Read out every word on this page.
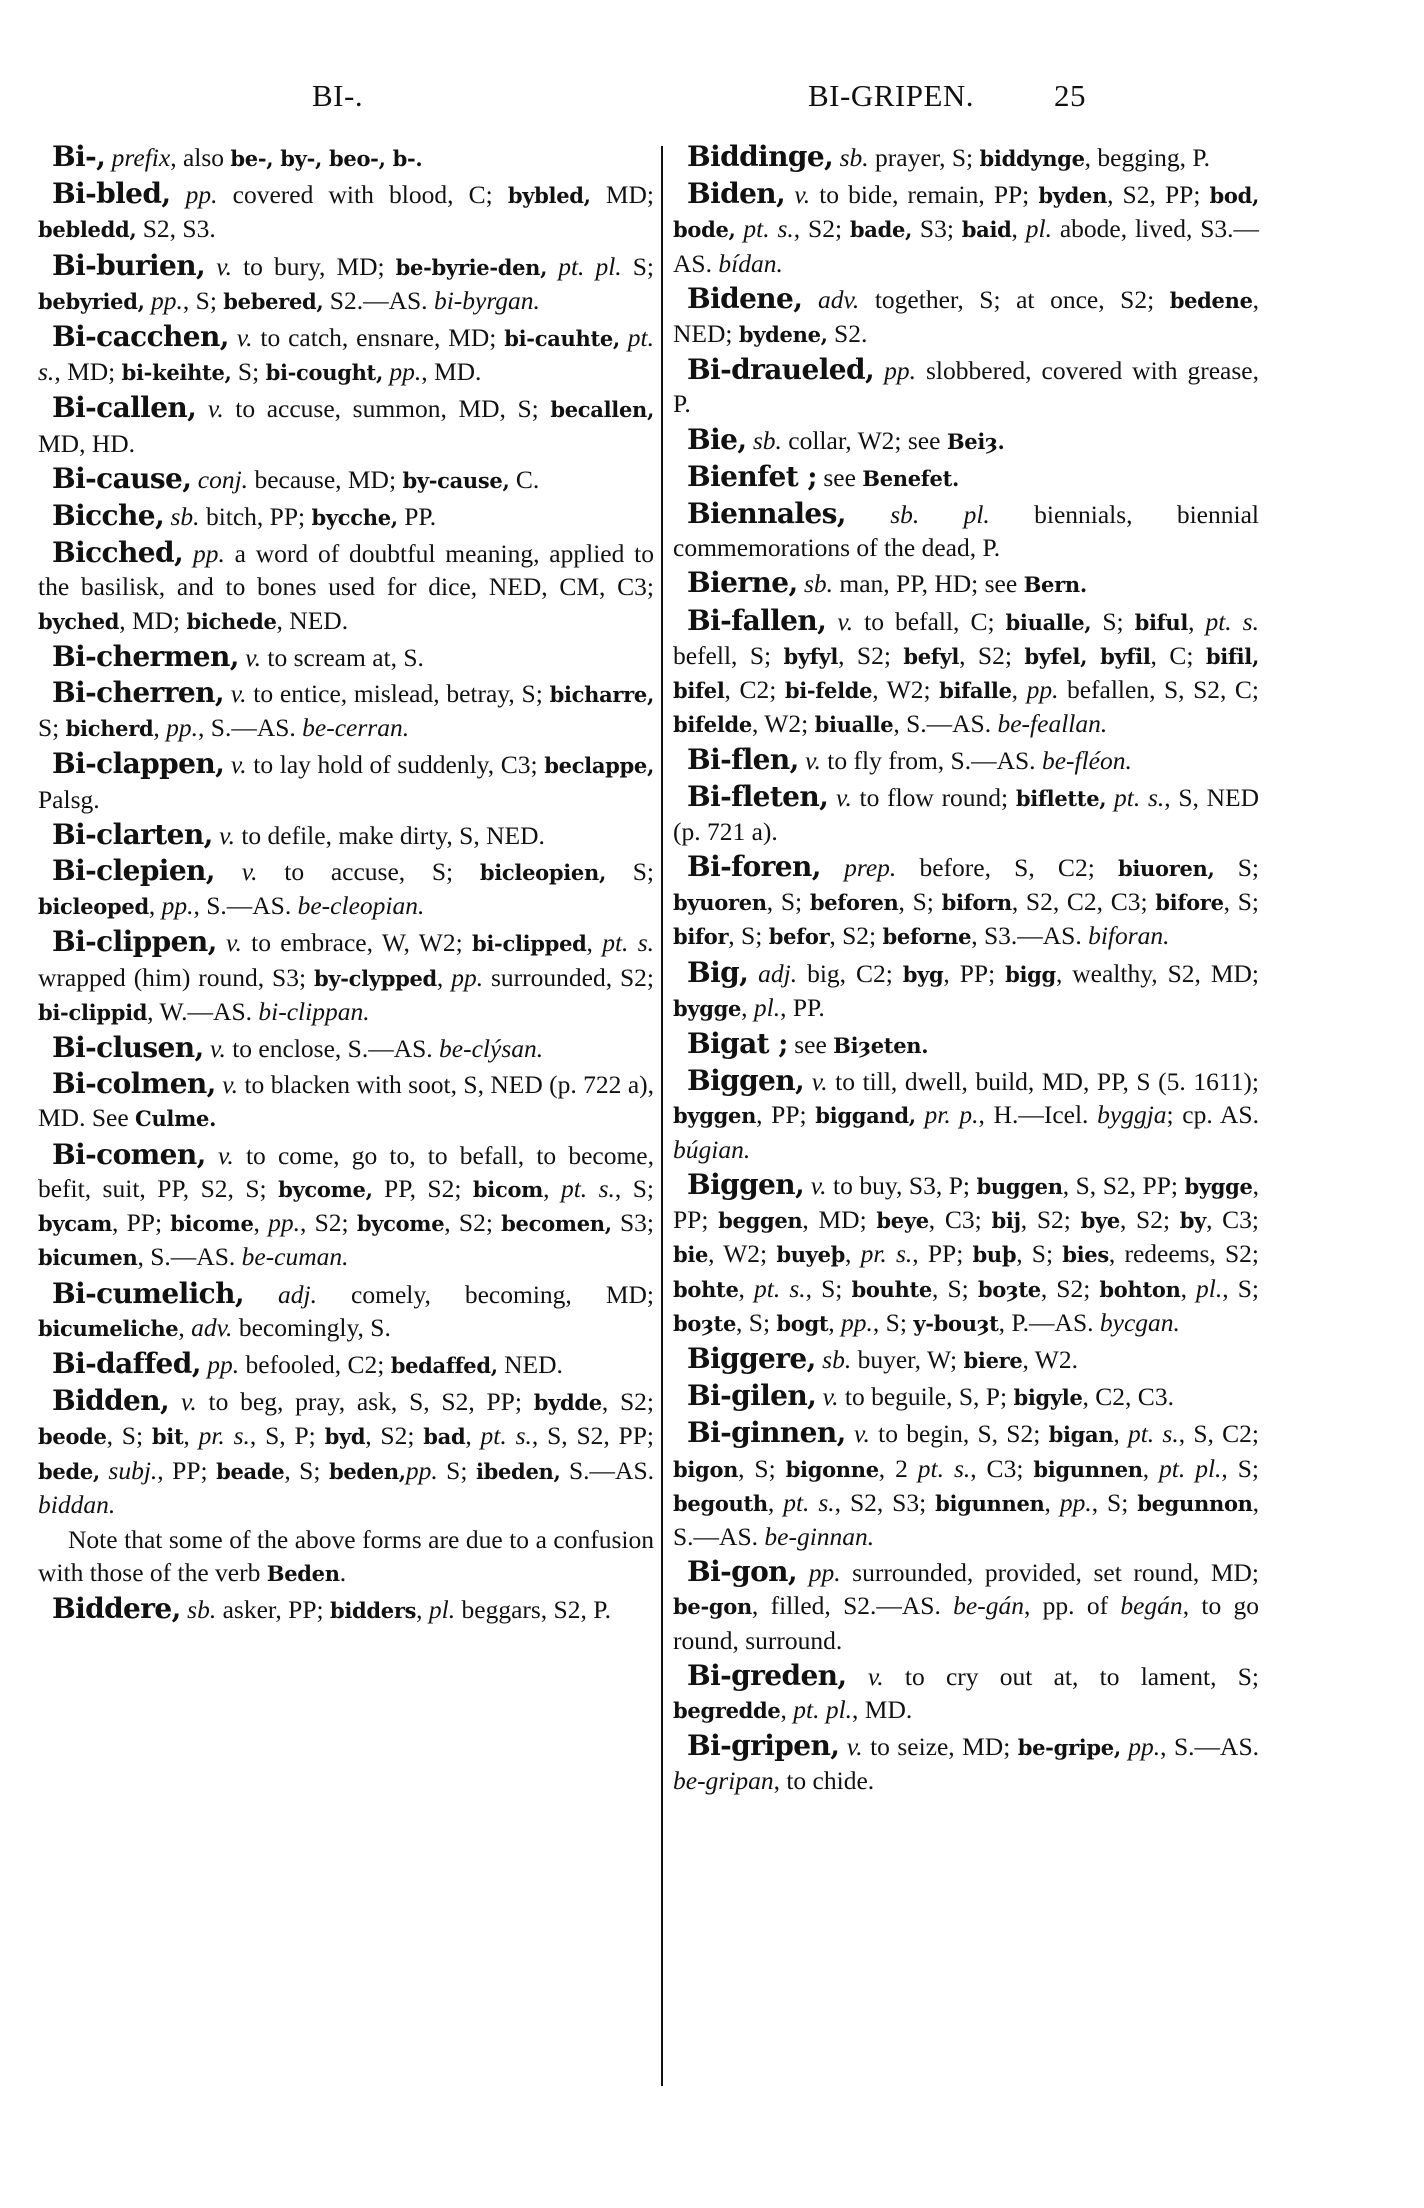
BI-.	BI-GRIPEN.	25

Bi-, prefix, also be-, by-, beo-, b-.

Bi-bled, pp. covered with blood, C; bybled, MD; bebledd, S2, S3.

Bi-burien, v. to bury, MD; be-byrie-den, pt. pl. S; bebyried, pp., S; bebered, S2.—AS. bi-byrgan.

Bi-cacchen, v. to catch, ensnare, MD; bi-cauhte, pt. s., MD; bi-keihte, S; bi-cought, pp., MD.

Bi-callen, v. to accuse, summon, MD, S; becallen, MD, HD.

Bi-cause, conj. because, MD; by-cause, C.

Bicche, sb. bitch, PP; bycche, PP.

Bicched, pp. a word of doubtful meaning, applied to the basilisk, and to bones used for dice, NED, CM, C3; byched, MD; bichede, NED.

Bi-chermen, v. to scream at, S.

Bi-cherren, v. to entice, mislead, betray, S; bicharre, S; bicherd, pp., S.—AS. be-cerran.

Bi-clappen, v. to lay hold of suddenly, C3; beclappe, Palsg.

Bi-clarten, v. to defile, make dirty, S, NED.

Bi-clepien, v. to accuse, S; bicleopien, S; bicleoped, pp., S.—AS. be-cleopian.

Bi-clippen, v. to embrace, W, W2; bi-clipped, pt. s. wrapped (him) round, S3; by-clypped, pp. surrounded, S2; bi-clippid, W.—AS. bi-clippan.

Bi-clusen, v. to enclose, S.—AS. be-clýsan.

Bi-colmen, v. to blacken with soot, S, NED (p. 722 a), MD. See Culme.

Bi-comen, v. to come, go to, to befall, to become, befit, suit, PP, S2, S; bycome, PP, S2; bicom, pt. s., S; bycam, PP; bicome, pp., S2; bycome, S2; becomen, S3; bicumen, S.—AS. be-cuman.

Bi-cumelich, adj. comely, becoming, MD; bicumeliche, adv. becomingly, S.

Bi-daffed, pp. befooled, C2; bedaffed, NED.

Bidden, v. to beg, pray, ask, S, S2, PP; bydde, S2; beode, S; bit, pr. s., S, P; byd, S2; bad, pt. s., S, S2, PP; bede, subj., PP; beade, S; beden,pp. S; ibeden, S.—AS. biddan.

Note that some of the above forms are due to a confusion with those of the verb Beden.

Biddere, sb. asker, PP; bidders, pl. beggars, S2, P.

Biddinge, sb. prayer, S; biddynge, begging, P.

Biden, v. to bide, remain, PP; byden, S2, PP; bod, bode, pt. s., S2; bade, S3; baid, pl. abode, lived, S3.—AS. bídan.

Bidene, adv. together, S; at once, S2; bedene, NED; bydene, S2.

Bi-draueled, pp. slobbered, covered with grease, P.

Bie, sb. collar, W2; see Beiȝ.

Bienfet ; see Benefet.

Biennales, sb. pl. biennials, biennial commemorations of the dead, P.

Bierne, sb. man, PP, HD; see Bern.

Bi-fallen, v. to befall, C; biualle, S; biful, pt. s. befell, S; byfyl, S2; befyl, S2; byfel, byfil, C; bifil, bifel, C2; bi-felde, W2; bifalle, pp. befallen, S, S2, C; bifelde, W2; biualle, S.—AS. be-feallan.

Bi-flen, v. to fly from, S.—AS. be-fléon.

Bi-fleten, v. to flow round; biflette, pt. s., S, NED (p. 721 a).

Bi-foren, prep. before, S, C2; biuoren, S; byuoren, S; beforen, S; biforn, S2, C2, C3; bifore, S; bifor, S; befor, S2; beforne, S3.—AS. biforan.

Big, adj. big, C2; byg, PP; bigg, wealthy, S2, MD; bygge, pl., PP.

Bigat ; see Biȝeten.

Biggen, v. to till, dwell, build, MD, PP, S (5. 1611); byggen, PP; biggand, pr. p., H.—Icel. byggja; cp. AS. búgian.

Biggen, v. to buy, S3, P; buggen, S, S2, PP; bygge, PP; beggen, MD; beye, C3; bij, S2; bye, S2; by, C3; bie, W2; buyeþ, pr. s., PP; buþ, S; bies, redeems, S2; bohte, pt. s., S; bouhte, S; boȝte, S2; bohton, pl., S; boȝte, S; bogt, pp., S; y-bouȝt, P.—AS. bycgan.

Biggere, sb. buyer, W; biere, W2.

Bi-gilen, v. to beguile, S, P; bigyle, C2, C3.

Bi-ginnen, v. to begin, S, S2; bigan, pt. s., S, C2; bigon, S; bigonne, 2 pt. s., C3; bigunnen, pt. pl., S; begouth, pt. s., S2, S3; bigunnen, pp., S; begunnon, S.—AS. be-ginnan.

Bi-gon, pp. surrounded, provided, set round, MD; be-gon, filled, S2.—AS. be-gán, pp. of begán, to go round, surround.

Bi-greden, v. to cry out at, to lament, S; begredde, pt. pl., MD.

Bi-gripen, v. to seize, MD; be-gripe, pp., S.—AS. be-gripan, to chide.
